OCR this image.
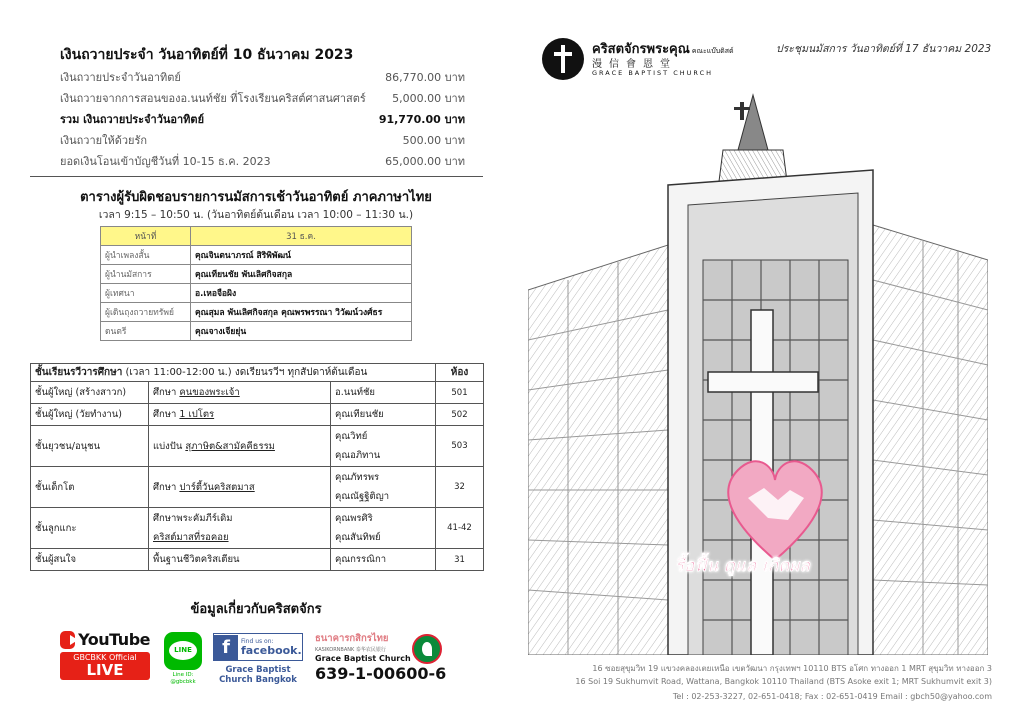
เงินถวายประจำ วันอาทิตย์ที่ 10 ธันวาคม 2023
เงินถวายประจำวันอาทิตย์	86,770.00 บาท
เงินถวายจากการสอนของอ.นนท์ชัย ที่โรงเรียนคริสต์ศาสนศาสตร์ 5,000.00 บาท
รวม เงินถวายประจำวันอาทิตย์	91,770.00 บาท
เงินถวายให้ด้วยรัก	500.00 บาท
ยอดเงินโอนเข้าบัญชีวันที่ 10-15 ธ.ค. 2023	65,000.00 บาท
ตารางผู้รับผิดชอบรายการนมัสการเช้าวันอาทิตย์ ภาคภาษาไทย
เวลา 9:15 – 10:50 น. (วันอาทิตย์ต้นเดือน เวลา 10:00 – 11:30 น.)
หน้าที่	31 ธ.ค.
ผู้นำเพลงสั้น	คุณจินตนาภรณ์ สิริพิพัฒน์
ผู้นำนมัสการ	คุณเทียนชัย พันเลิศกิจสกุล
ผู้เทศนา	อ.เหอจือผิง
ผู้เดินถุงถวายทรัพย์	คุณสุมล พันเลิศกิจสกุล คุณพรพรรณา วิวัฒน์วงศ์ธร
ดนตรี	คุณจางเจียยุ่น
ชั้นเรียนรวีวารศึกษา (เวลา 11:00-12:00 น.) งดเรียนรวีฯ ทุกสัปดาห์ต้นเดือน			ห้อง
ชั้นผู้ใหญ่ (สร้างสาวก)	ศึกษา คนของพระเจ้า	อ.นนท์ชัย	501
ชั้นผู้ใหญ่ (วัยทำงาน)	ศึกษา 1 เปโตร	คุณเทียนชัย	502
ชั้นยุวชน/อนุชน	แบ่งปัน สุภาษิต&สามัคคีธรรม	คุณวิทย์
คุณอภิทาน	503
ชั้นเด็กโต	ศึกษา ปาร์ตี้วันคริสตมาส	คุณภัทรพร
คุณณัฐฐิติญา	32
ชั้นลูกแกะ	ศึกษาพระคัมภีร์เดิม
คริสต์มาสที่รอคอย	คุณพรศิริ
คุณสันทิพย์	41-42
ชั้นผู้สนใจ	พื้นฐานชีวิตคริสเตียน	คุณกรรณิกา	31
ข้อมูลเกี่ยวกับคริสตจักร
YouTube
GBCBKK Official
LIVE
LINE
Line ID:
@gbcbkk
f	Find us on:
facebook.
Grace Baptist Church Bangkok
ธนาคารกสิกรไทย
KASIKORNBANK 泰华农民银行
Grace Baptist Church
639-1-00600-6
คริสตจักรพระคุณ คณะแบ๊บติสต์
漫信會恩堂
GRACE BAPTIST CHURCH
ประชุมนมัสการ วันอาทิตย์ที่ 17 ธันวาคม 2023
รื้อฟื้น ดูแล เกิดผล
16 ซอยสุขุมวิท 19 แขวงคลองเตยเหนือ เขตวัฒนา กรุงเทพฯ 10110 BTS อโศก ทางออก 1 MRT สุขุมวิท ทางออก 3
16 Soi 19 Sukhumvit Road, Wattana, Bangkok 10110 Thailand (BTS Asoke exit 1; MRT Sukhumvit exit 3)
Tel : 02-253-3227, 02-651-0418; Fax : 02-651-0419 Email : gbch50@yahoo.com
